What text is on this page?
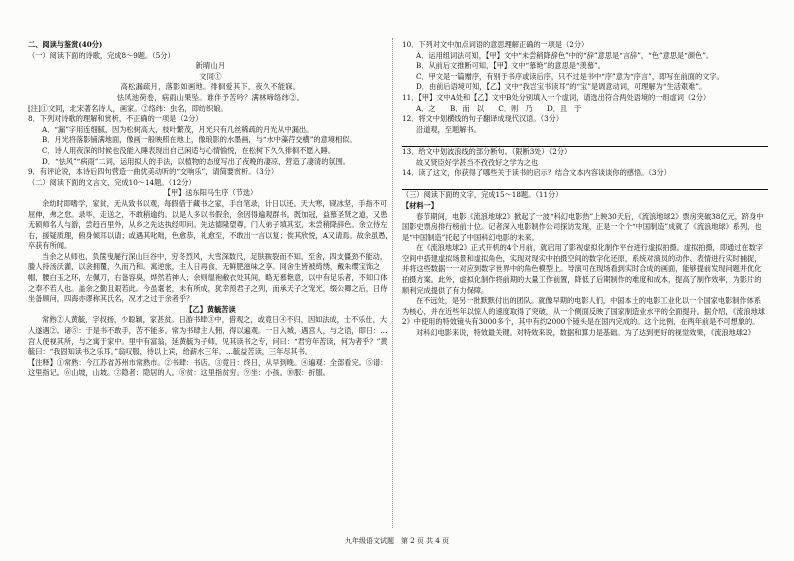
二、阅读与鉴赏(40分)

（一）阅读下面的诗歌，完成8～9题。（5分）

新晴山月

文同①

高松漏疏月，落影如画地。徘徊爱其下，夜久不能寐。

怯风池荷卷，病雨山果坠。谁伴予苦吟？满林啼络纬②。

[注]①文同，北宋著名诗人，画家。②络纬：虫名，即纺织娘。

8．下列对诗歌的理解和赏析，不正确的一项是（2分）

A．“漏”字用连细腻，因为松树高大，枝叶繁茂，月光只有几丝稀疏的月光从中漏出。

B．月光将落影铺满地面，像画一般映照在地上，像琅影的水墨画，与“水中藻荇交横”的意境相似。

C．诗人用夜深的时候也没能入睡表现出自己闲适与心情愉悦，在松树下久久徘徊不愿入睡。

D．“怯风”“病雨”二词，运用拟人的手法，以植物的态度写出了夜晚的凄凉，营造了凄清的氛围。

9．有评论说，本诗后四句营造一曲优美动听的“交响乐”，请简要赏析。（3分）

（二）阅读下面的文言文，完成10～14题。（12分）

【甲】送东阳马生序（节选）

余幼时即嗜学，家贫，无从致书以观，每假借于藏书之家，手自笔录，计日以还。天大寒，砚冰坚，手指不可屈伸，弗之怠。录毕，走送之，不敢稍逾约。以是人多以书假余，余因得遍观群书。既加冠，益慕圣贤之道，又患无硕师名人与游，尝趋百里外，从乡之先达执经叩问。先达德隆望尊，门人弟子填其室，未尝稍降辞色。余立侍左右，援疑质理，俯身倾耳以请；或遇其叱咄，色愈恭，礼愈至，不敢出一言以复；俟其欣悦，A又请焉。故余虽愚，卒获有所闻。

当余之从师也，负箧曳屣行深山巨谷中，穷冬烈风，大雪深数尺，足肤皲裂而不知。至舍，四支僵劲不能动，媵人持汤沃灌，以衾拥覆，久而乃和。寓逆旅，主人日再食，无鲜肥滋味之享。同舍生皆被绮绣，戴朱缨宝饰之帽，腰白玉之环，左佩刀，右备容臭，烨然若神人；余则缊袍敝衣处其间，略无慕艳意，以中有足乐者，不知口体之奉不若人也。盖余之勤且艰若此。今虽耄老，未有所成，犹幸预君子之列，而承天子之宠光，缀公卿之后，日侍坐备顾问，四海亦谬称其氏名，况才之过于余者乎？

【乙】黄毓苦读

常熟②人黄毓，字叔扬，少聪颖，家甚贫。日游书肆③中，借观之，或竟日④不归，因如法成，士不乐仕，大人遂遇②。诸⑤：于是书不敢手，苦不能多。常为书肆主人佣，得以遍观。一日入城，遇宫人，与之语，即日：…宫人使视其所，与之寓于家中。里中有富翁，延黄毓为子师，见其读书之专，问曰：“君穷年苦读，何为者乎？”黄毓曰：“我固知读书之乐耳。”翁叹服，待以上宾，给薪水三年。…毓益苦读，三年尽其书。

【注释】①常熟：今江苏省苏州市常熟市。②书肆：书店。③竟日：终日，从早到晚。④遍观：全部看完。⑤谱：这里指记。⑥山坡，山坡。⑦隐者：隐居的人。⑧贫：这里指贫穷。⑨坐：小孩。⑩服：折服。

10．下列对文中加点词语的意思理解正确的一项是（2分）

A．运用组词法可知，【甲】文中“未尝稍降辞色”中的“辞”意思是“言辞”，“色”意思是“颜色”。

B．从前后文推断可知，【甲】文中“慕艳”的意思是“羡慕”。

C．甲文是一篇赠序，有别于书序或读后序，只不过是书中“序”意为“序言”，即写在前面的文字。

D．由前后语境可知，【乙】文中“我岂宝书读耳”的“宝”是调意动词，可理解为“生活艰难”。

11．【甲】文中A处和【乙】文中B处分别填入一个虚词，请选出符合两处语境的一组虚词（2分）

A．之　　B．而　以　　C．则　乃　　D．且　于

12．将文中划横线的句子翻译成现代汉语。（3分）

沿道观，至题解书。

13．给文中划波浪线的部分断句。（限断3处）（2分）

故又贤臣好学甚当不孜孜好之学为之也

14．读了这文，你获得了哪些关于读书的启示？结合文本内容谈谈你的感悟。（3分）

（三）阅读下面的文字，完成15～18题。（11分）

【材料一】

春节期间，电影《流浪地球2》掀起了一波“科幻电影热”上映30天后，《流浪地球2》票房突破38亿元，跻身中国影史票房排行榜前十位。记者深入电影制作公司探访发现，正是一个个“中国制造”成就了《流浪地球》系列，也是“中国制造”托起了中国科幻电影的未来。

在《流浪地球2》正式开机的4个月前，就启用了影视虚拟化制作平台进行虚拟拍摄。虚拟拍摄，即通过在数字空间中搭建虚拟场景和虚拟角色，实现对现实中拍摄空间的数字化还原，系统对演员的动作、表情进行实时捕捉，并将这些数据一一对应到数字世界中的角色模型上。导演可在现场看到实时合成的画面，能够提前发现问题并优化拍摄方案。此外，虚拟化制作将前期的大量工作前置，降低了后期制作的难度和成本，提高了制作效率，为影片的顺利完成提供了有力保障。

在不远处，是另一批默默付出的团队。就像早期的电影人们，中国本土的电影工业化以一个国家电影制作体系为核心，并在近些年以惊人的速度取得了突破，从一个侧面反映了国家制造业水平的全面提升。据介绍，《流浪地球2》中使用的特效镜头有3000多个，其中有约2000个镜头是在国内完成的。这个比例，在两年前是不可想象的。

对科幻电影来说，特效最关键。对特效来说，数据和算力是基础。为了达到更好的视觉效果，《流浪地球2》

九年级语文试题　第 2 页 共 4 页
